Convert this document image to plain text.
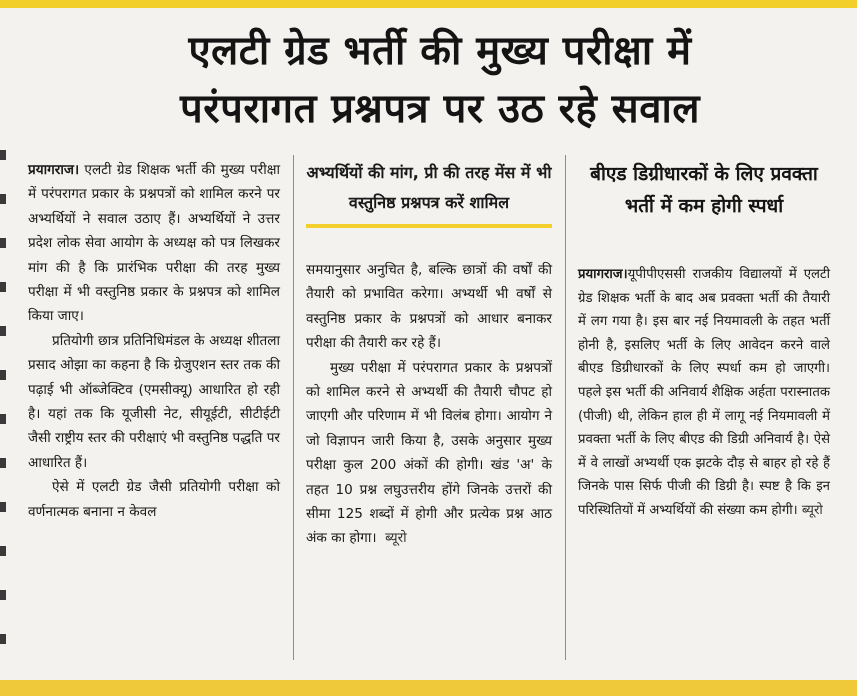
एलटी ग्रेड भर्ती की मुख्य परीक्षा में
परंपरागत प्रश्नपत्र पर उठ रहे सवाल

प्रयागराज। एलटी ग्रेड शिक्षक भर्ती की मुख्य परीक्षा में परंपरागत प्रकार के प्रश्नपत्रों को शामिल करने पर अभ्यर्थियों ने सवाल उठाए हैं। अभ्यर्थियों ने उत्तर प्रदेश लोक सेवा आयोग के अध्यक्ष को पत्र लिखकर मांग की है कि प्रारंभिक परीक्षा की तरह मुख्य परीक्षा में भी वस्तुनिष्ठ प्रकार के प्रश्नपत्र को शामिल किया जाए।

प्रतियोगी छात्र प्रतिनिधिमंडल के अध्यक्ष शीतला प्रसाद ओझा का कहना है कि ग्रेजुएशन स्तर तक की पढ़ाई भी ऑब्जेक्टिव (एमसीक्यू) आधारित हो रही है। यहां तक कि यूजीसी नेट, सीयूईटी, सीटीईटी जैसी राष्ट्रीय स्तर की परीक्षाएं भी वस्तुनिष्ठ पद्धति पर आधारित हैं।

ऐसे में एलटी ग्रेड जैसी प्रतियोगी परीक्षा को वर्णनात्मक बनाना न केवल

अभ्यर्थियों की मांग, प्री की तरह मेंस में भी वस्तुनिष्ठ प्रश्नपत्र करें शामिल

समयानुसार अनुचित है, बल्कि छात्रों की वर्षों की तैयारी को प्रभावित करेगा। अभ्यर्थी भी वर्षों से वस्तुनिष्ठ प्रकार के प्रश्नपत्रों को आधार बनाकर परीक्षा की तैयारी कर रहे हैं।

मुख्य परीक्षा में परंपरागत प्रकार के प्रश्नपत्रों को शामिल करने से अभ्यर्थी की तैयारी चौपट हो जाएगी और परिणाम में भी विलंब होगा। आयोग ने जो विज्ञापन जारी किया है, उसके अनुसार मुख्य परीक्षा कुल 200 अंकों की होगी। खंड 'अ' के तहत 10 प्रश्न लघुउत्तरीय होंगे जिनके उत्तरों की सीमा 125 शब्दों में होगी और प्रत्येक प्रश्न आठ अंक का होगा। ब्यूरो

बीएड डिग्रीधारकों के लिए प्रवक्ता भर्ती में कम होगी स्पर्धा

प्रयागराज।यूपीपीएससी राजकीय विद्यालयों में एलटी ग्रेड शिक्षक भर्ती के बाद अब प्रवक्ता भर्ती की तैयारी में लग गया है। इस बार नई नियमावली के तहत भर्ती होनी है, इसलिए भर्ती के लिए आवेदन करने वाले बीएड डिग्रीधारकों के लिए स्पर्धा कम हो जाएगी। पहले इस भर्ती की अनिवार्य शैक्षिक अर्हता परास्नातक (पीजी) थी, लेकिन हाल ही में लागू नई नियमावली में प्रवक्ता भर्ती के लिए बीएड की डिग्री अनिवार्य है। ऐसे में वे लाखों अभ्यर्थी एक झटके दौड़ से बाहर हो रहे हैं जिनके पास सिर्फ पीजी की डिग्री है। स्पष्ट है कि इन परिस्थितियों में अभ्यर्थियों की संख्या कम होगी। ब्यूरो
